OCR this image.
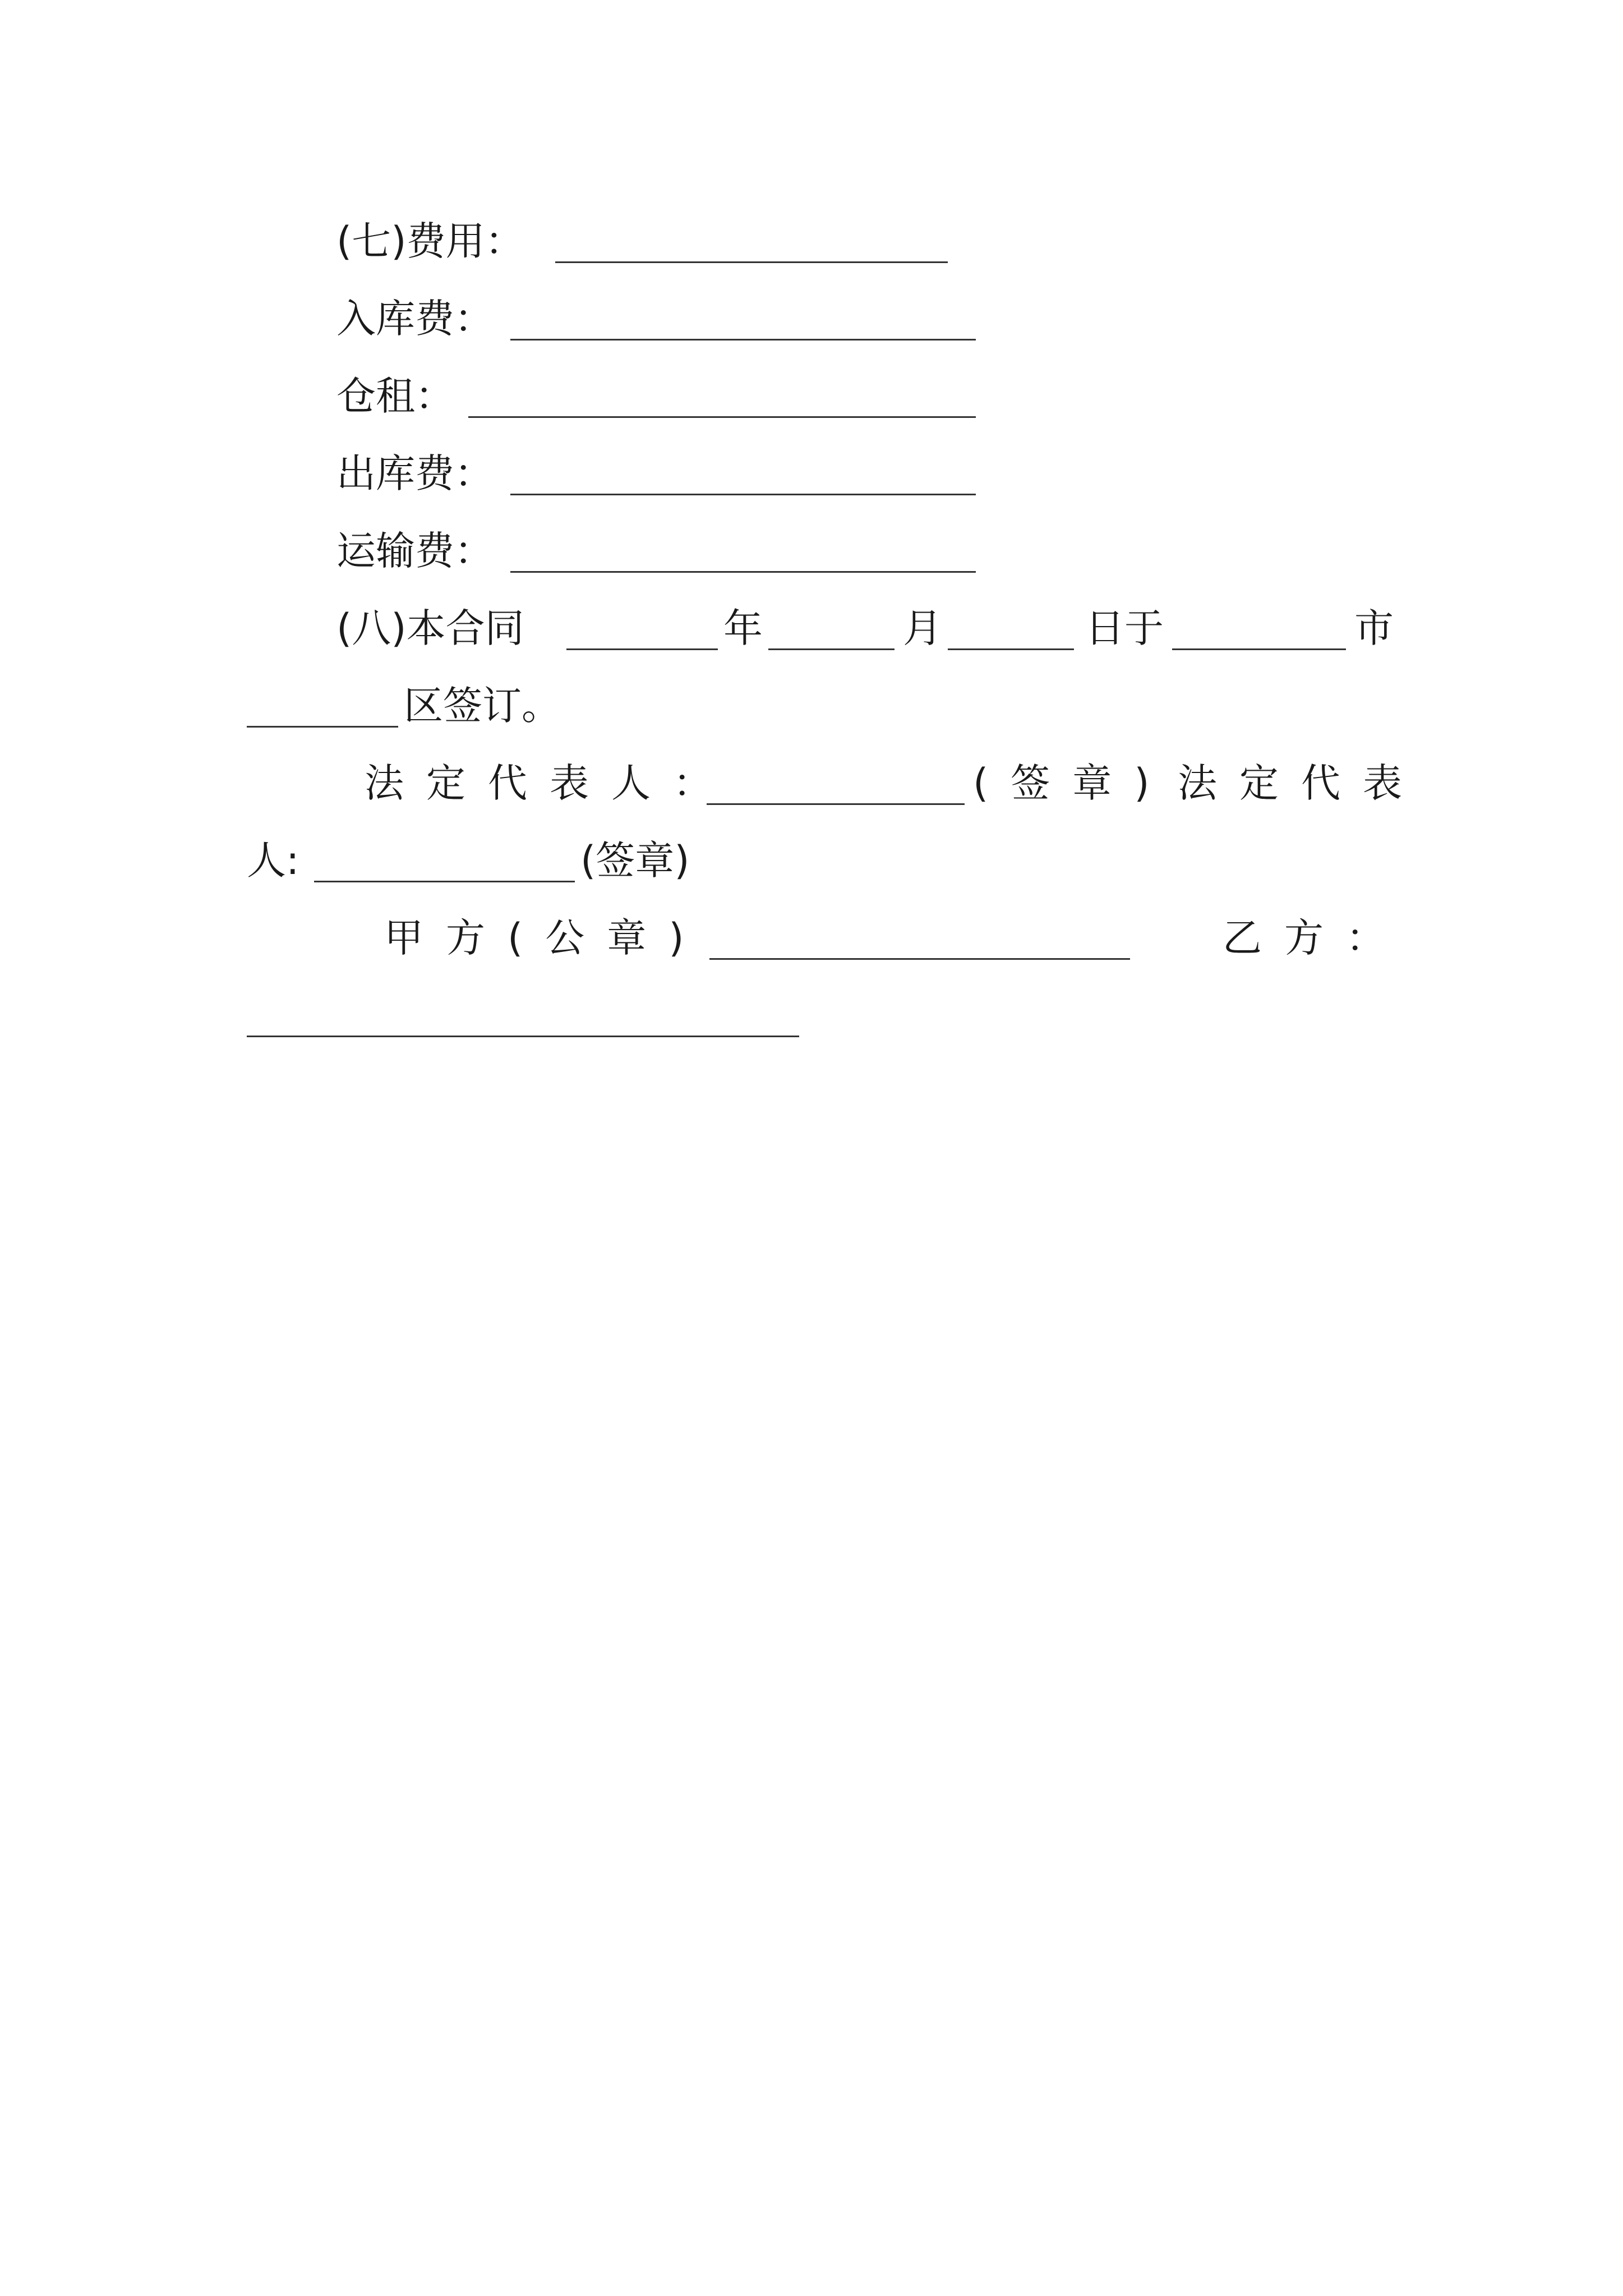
(七)费用：
入库费：
仓租：
出库费：
运输费：
(八)本合同	年	月	日于	市
区签订。
法定代表人：	(签章) 法定代表
人:	(签章)
甲方(公章)	乙方：
